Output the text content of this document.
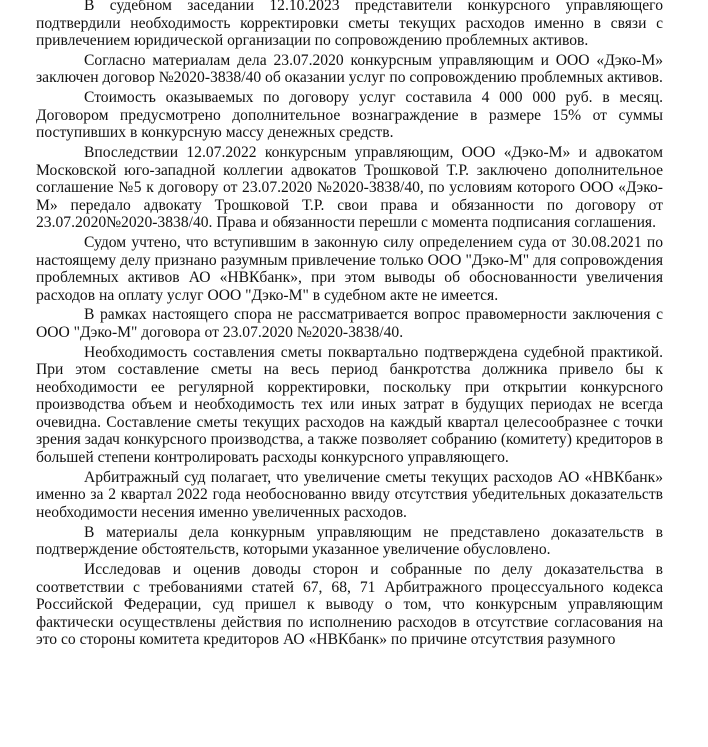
В судебном заседании 12.10.2023 представители конкурсного управляющего подтвердили необходимость корректировки сметы текущих расходов именно в связи с привлечением юридической организации по сопровождению проблемных активов.

Согласно материалам дела 23.07.2020 конкурсным управляющим и ООО «Дэко-М» заключен договор №2020-3838/40 об оказании услуг по сопровождению проблемных активов.

Стоимость оказываемых по договору услуг составила 4 000 000 руб. в месяц. Договором предусмотрено дополнительное вознаграждение в размере 15% от суммы поступивших в конкурсную массу денежных средств.

Впоследствии 12.07.2022 конкурсным управляющим, ООО «Дэко-М» и адвокатом Московской юго-западной коллегии адвокатов Трошковой Т.Р. заключено дополнительное соглашение №5 к договору от 23.07.2020 №2020-3838/40, по условиям которого ООО «Дэко-М» передало адвокату Трошковой Т.Р. свои права и обязанности по договору от 23.07.2020№2020-3838/40. Права и обязанности перешли с момента подписания соглашения.

Судом учтено, что вступившим в законную силу определением суда от 30.08.2021 по настоящему делу признано разумным привлечение только ООО "Дэко-М" для сопровождения проблемных активов АО «НВКбанк», при этом выводы об обоснованности увеличения расходов на оплату услуг ООО "Дэко-М" в судебном акте не имеется.

В рамках настоящего спора не рассматривается вопрос правомерности заключения с ООО "Дэко-М" договора от 23.07.2020 №2020-3838/40.

Необходимость составления сметы поквартально подтверждена судебной практикой. При этом составление сметы на весь период банкротства должника привело бы к необходимости ее регулярной корректировки, поскольку при открытии конкурсного производства объем и необходимость тех или иных затрат в будущих периодах не всегда очевидна. Составление сметы текущих расходов на каждый квартал целесообразнее с точки зрения задач конкурсного производства, а также позволяет собранию (комитету) кредиторов в большей степени контролировать расходы конкурсного управляющего.

Арбитражный суд полагает, что увеличение сметы текущих расходов АО «НВКбанк» именно за 2 квартал 2022 года необоснованно ввиду отсутствия убедительных доказательств необходимости несения именно увеличенных расходов.

В материалы дела конкурным управляющим не представлено доказательств в подтверждение обстоятельств, которыми указанное увеличение обусловлено.

Исследовав и оценив доводы сторон и собранные по делу доказательства в соответствии с требованиями статей 67, 68, 71 Арбитражного процессуального кодекса Российской Федерации, суд пришел к выводу о том, что конкурсным управляющим фактически осуществлены действия по исполнению расходов в отсутствие согласования на это со стороны комитета кредиторов АО «НВКбанк» по причине отсутствия разумного
